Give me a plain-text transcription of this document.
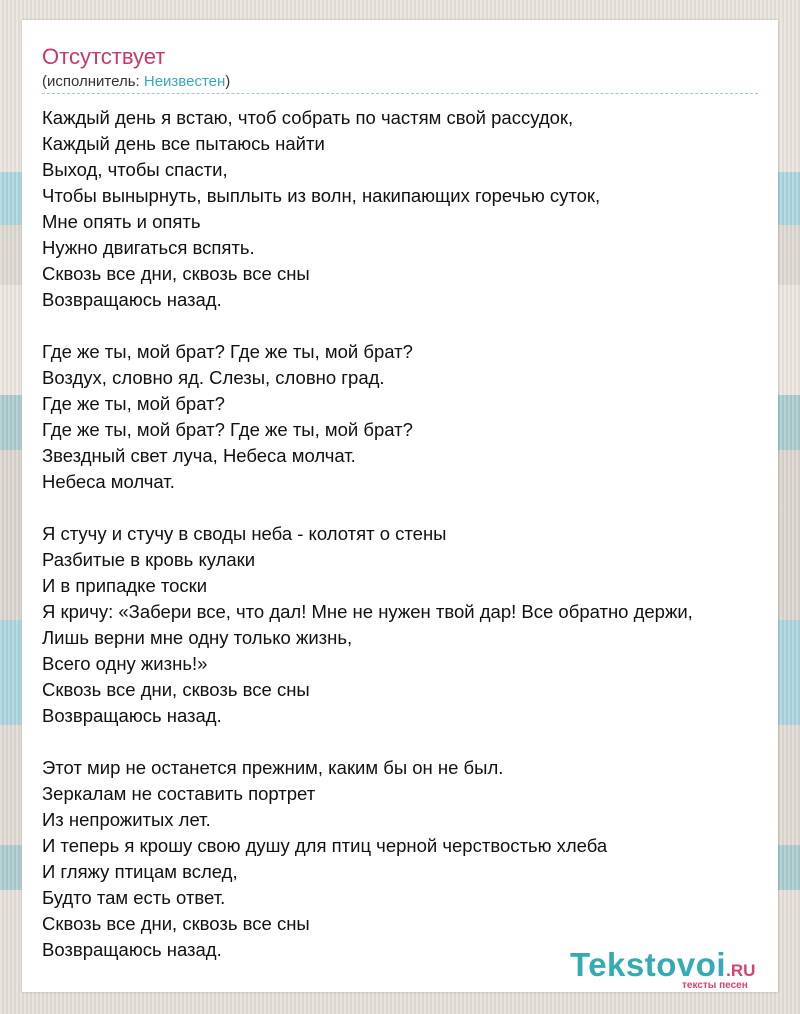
Отсутствует
(исполнитель: Неизвестен)
Каждый день я встаю, чтоб собрать по частям свой рассудок,
Каждый день все пытаюсь найти
Выход, чтобы спасти,
Чтобы вынырнуть, выплыть из волн, накипающих горечью суток,
Мне опять и опять
Нужно двигаться вспять.
Сквозь все дни, сквозь все сны
Возвращаюсь назад.
Где же ты, мой брат? Где же ты, мой брат?
Воздух, словно яд. Слезы, словно град.
Где же ты, мой брат?
Где же ты, мой брат? Где же ты, мой брат?
Звездный свет луча, Небеса молчат.
Небеса молчат.
Я стучу и стучу в своды неба - колотят о стены
Разбитые в кровь кулаки
И в припадке тоски
Я кричу: «Забери все, что дал! Мне не нужен твой дар! Все обратно держи,
Лишь верни мне одну только жизнь,
Всего одну жизнь!»
Сквозь все дни, сквозь все сны
Возвращаюсь назад.
Этот мир не останется прежним, каким бы он не был.
Зеркалам не составить портрет
Из непрожитых лет.
И теперь я крошу свою душу для птиц черной черствостью хлеба
И гляжу птицам вслед,
Будто там есть ответ.
Сквозь все дни, сквозь все сны
Возвращаюсь назад.	Tekstovoi.RU
тексты песен
